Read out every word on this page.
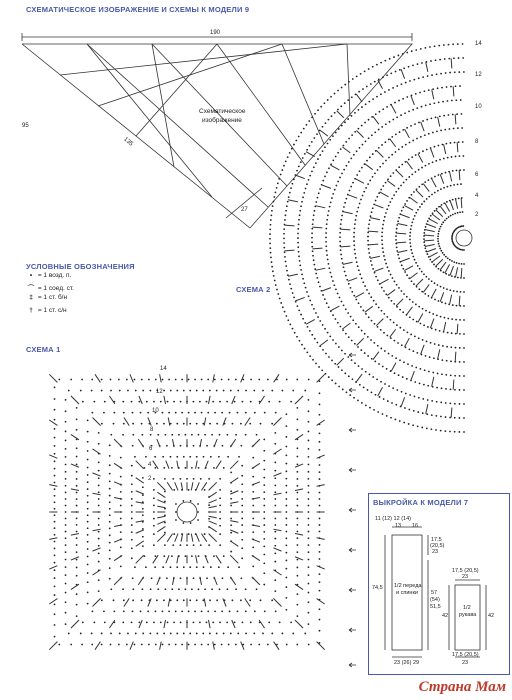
СХЕМАТИЧЕСКОЕ ИЗОБРАЖЕНИЕ И СХЕМЫ К МОДЕЛИ 9
УСЛОВНЫЕ ОБОЗНАЧЕНИЯ
СХЕМА 1
СХЕМА 2
190
95
135
27
Схематическое
изображение
• = 1 возд. п.
⌒ = 1 соед. ст.
‡ = 1 ст. б/н
† = 1 ст. с/н
14
12
10
8
6
4
2
14
12
10
8
6
4
2
ВЫКРОЙКА К МОДЕЛИ 7
11 (12) 12 (14)
13 16
17,5
(20,5)
23
74,5
57
(54)
51,5
1/2 переда
и спинки
23 (26) 29
17,5 (20,5)
23
42	42
1/2
рукава
17,5 (20,5)
23
Страна Мам
